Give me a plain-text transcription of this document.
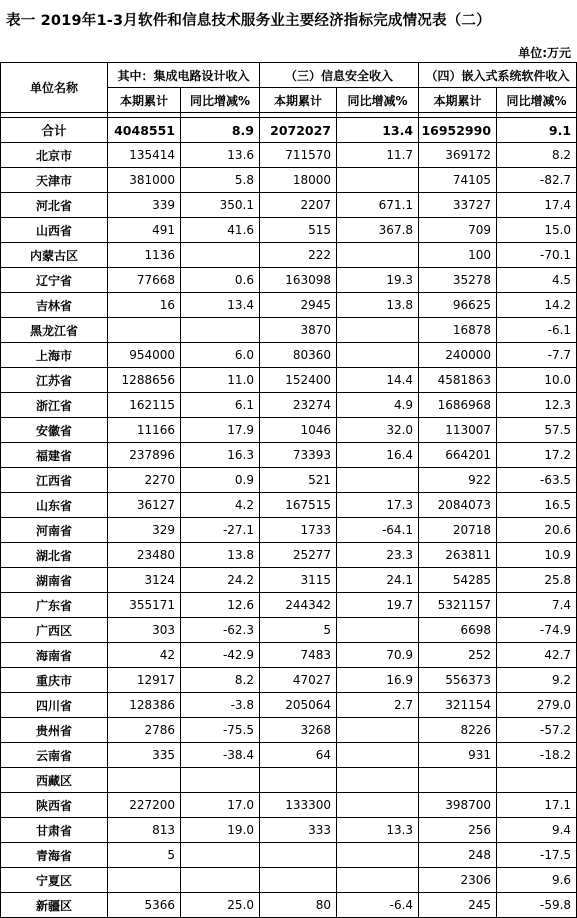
表一 2019年1-3月软件和信息技术服务业主要经济指标完成情况表（二）
单位:万元
单位名称	其中：集成电路设计收入		（三）信息安全收入		（四）嵌入式系统软件收入	
	本期累计	同比增减%	本期累计	同比增减%	本期累计	同比增减%

合计	4048551	8.9	2072027	13.4	16952990	9.1
北京市	135414	13.6	711570	11.7	369172	8.2
天津市	381000	5.8	18000		74105	-82.7
河北省	339	350.1	2207	671.1	33727	17.4
山西省	491	41.6	515	367.8	709	15.0
内蒙古区	1136		222		100	-70.1
辽宁省	77668	0.6	163098	19.3	35278	4.5
吉林省	16	13.4	2945	13.8	96625	14.2
黑龙江省			3870		16878	-6.1
上海市	954000	6.0	80360		240000	-7.7
江苏省	1288656	11.0	152400	14.4	4581863	10.0
浙江省	162115	6.1	23274	4.9	1686968	12.3
安徽省	11166	17.9	1046	32.0	113007	57.5
福建省	237896	16.3	73393	16.4	664201	17.2
江西省	2270	0.9	521		922	-63.5
山东省	36127	4.2	167515	17.3	2084073	16.5
河南省	329	-27.1	1733	-64.1	20718	20.6
湖北省	23480	13.8	25277	23.3	263811	10.9
湖南省	3124	24.2	3115	24.1	54285	25.8
广东省	355171	12.6	244342	19.7	5321157	7.4
广西区	303	-62.3	5		6698	-74.9
海南省	42	-42.9	7483	70.9	252	42.7
重庆市	12917	8.2	47027	16.9	556373	9.2
四川省	128386	-3.8	205064	2.7	321154	279.0
贵州省	2786	-75.5	3268		8226	-57.2
云南省	335	-38.4	64		931	-18.2
西藏区						
陕西省	227200	17.0	133300		398700	17.1
甘肃省	813	19.0	333	13.3	256	9.4
青海省	5				248	-17.5
宁夏区					2306	9.6
新疆区	5366	25.0	80	-6.4	245	-59.8
